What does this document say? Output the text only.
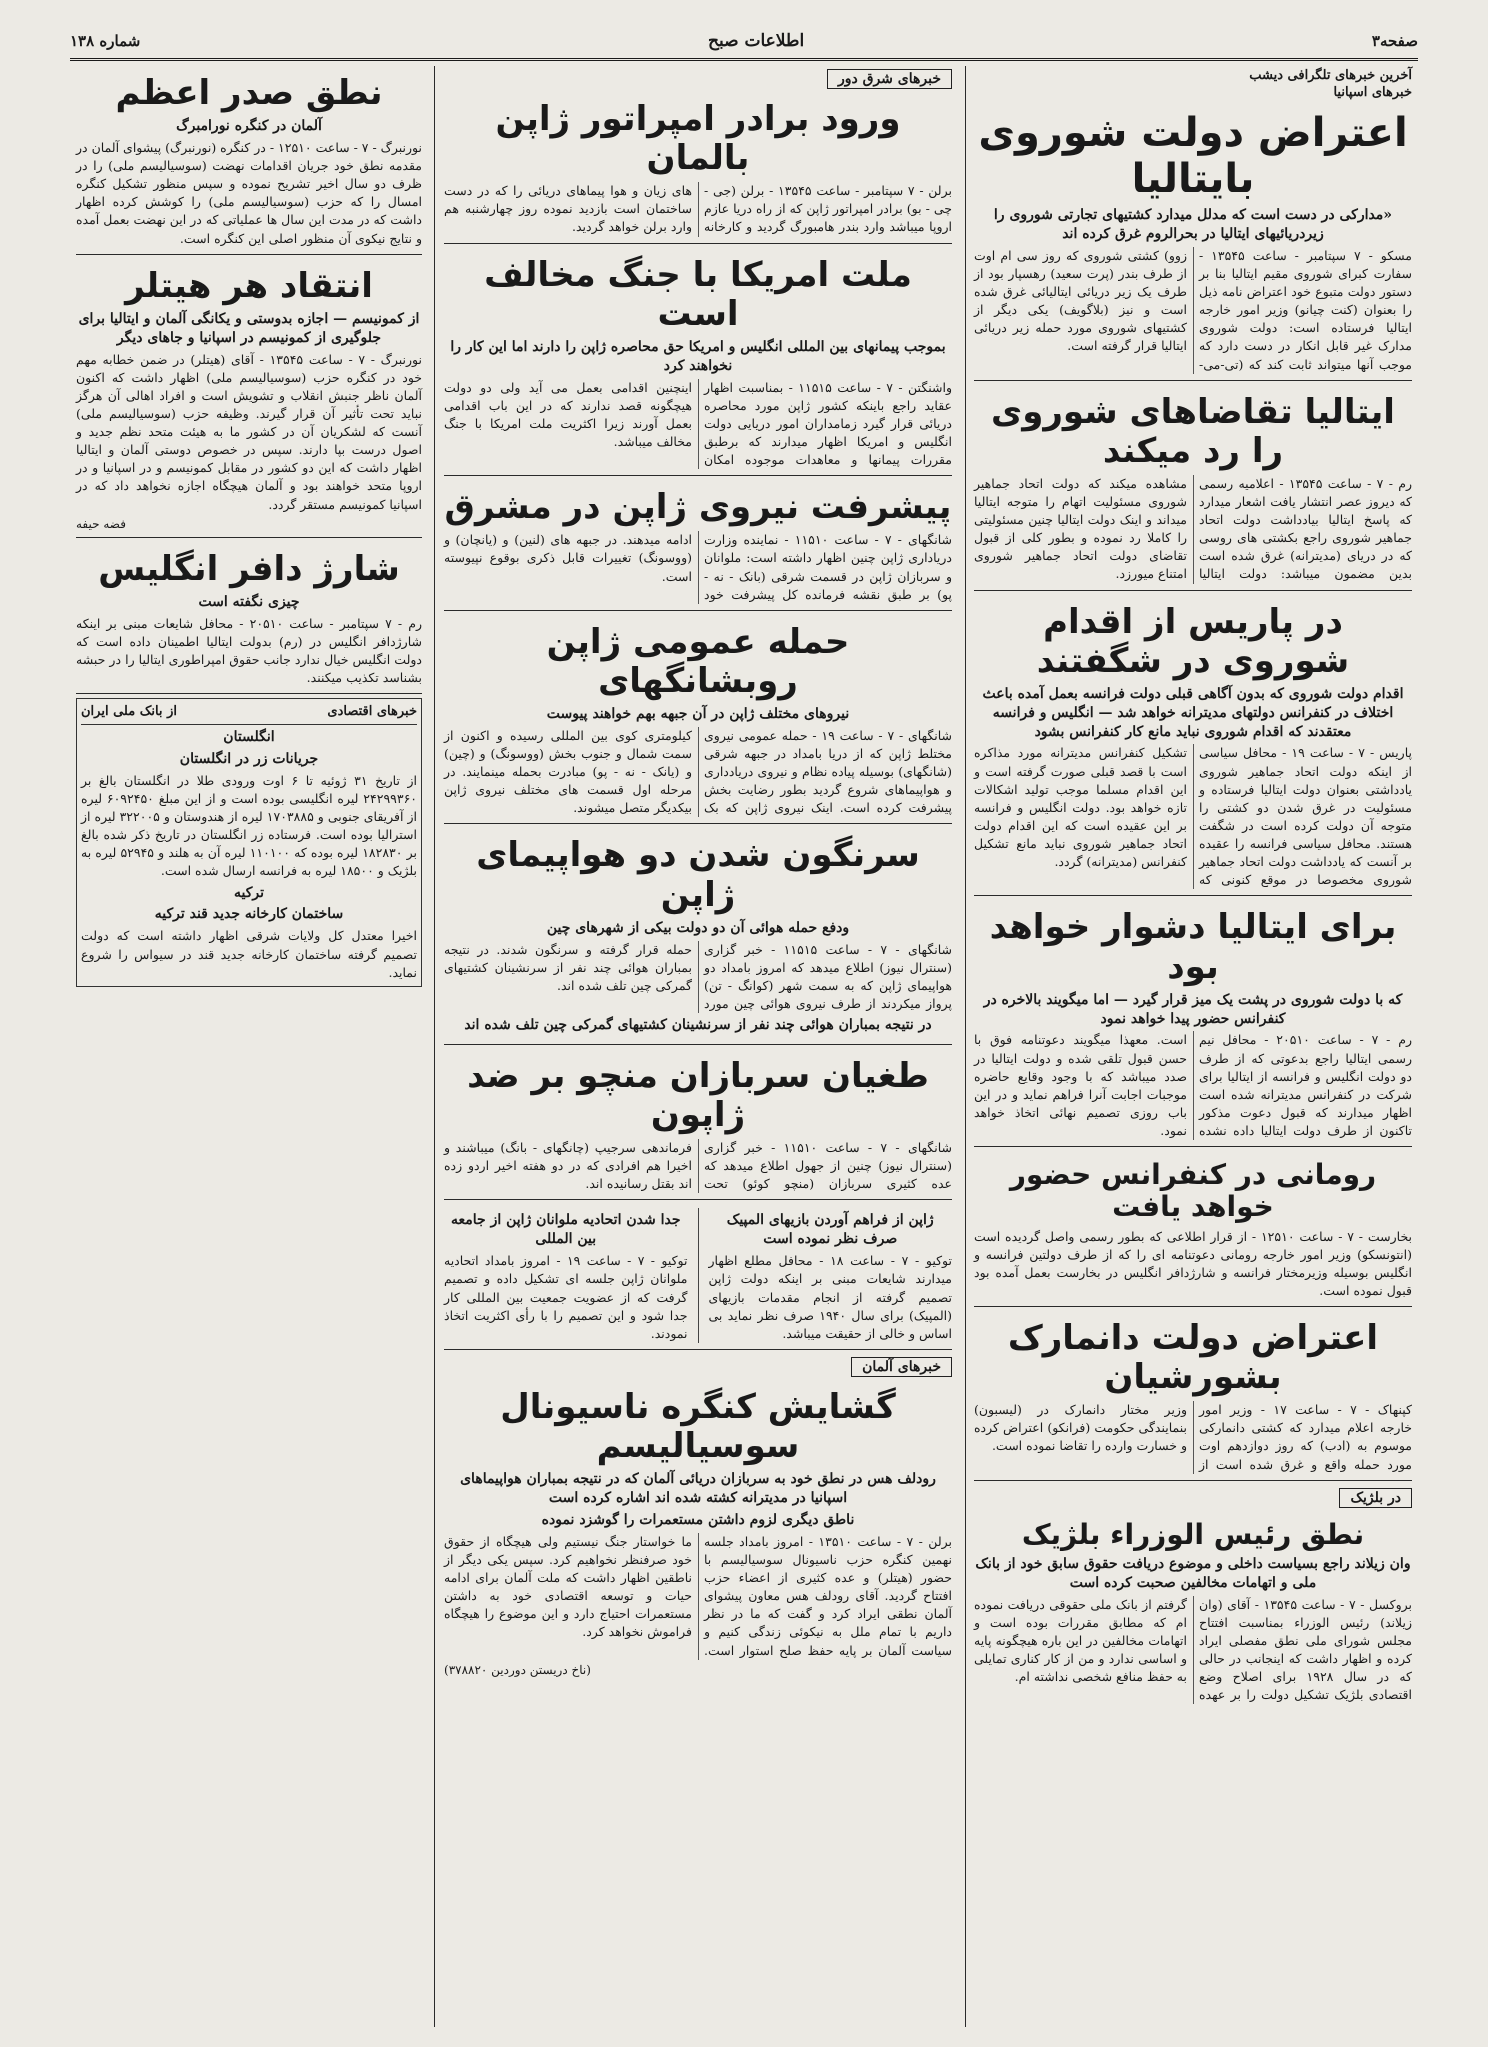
صفحه۳
اطلاعات صبح
شماره ۱۳۸
آخرین خبرهای تلگرافی دیشب
خبرهای اسپانیا
اعتراض دولت شوروی بایتالیا
«مدارکی در دست است که مدلل میدارد کشتیهای تجارتی شوروی را زیردریائیهای ایتالیا در بحرالروم غرق کرده اند
مسکو - ۷ سپتامبر - ساعت ۱۳۵۴۵ - سفارت کبرای شوروی مقیم ایتالیا بنا بر دستور دولت متبوع خود اعتراض نامه ذیل را بعنوان (کنت چیانو) وزیر امور خارجه ایتالیا فرستاده است: دولت شوروی مدارک غیر قابل انکار در دست دارد که موجب آنها میتواند ثابت کند که (تی-می-زوو) کشتی شوروی که روز سی ام اوت از طرف بندر (پرت سعید) رهسپار بود از طرف یک زیر دریائی ایتالیائی غرق شده است و نیز (بلاگویف) یکی دیگر از کشتیهای شوروی مورد حمله زیر دریائی ایتالیا قرار گرفته است.
ایتالیا تقاضاهای شوروی را رد میکند
رم - ۷ - ساعت ۱۳۵۴۵ - اعلامیه رسمی که دیروز عصر انتشار یافت اشعار میدارد که پاسخ ایتالیا بیادداشت دولت اتحاد جماهیر شوروی راجع بکشتی های روسی که در دریای (مدیترانه) غرق شده است بدین مضمون میباشد: دولت ایتالیا مشاهده میکند که دولت اتحاد جماهیر شوروی مسئولیت اتهام را متوجه ایتالیا میداند و اینک دولت ایتالیا چنین مسئولیتی را کاملا رد نموده و بطور کلی از قبول تقاضای دولت اتحاد جماهیر شوروی امتناع میورزد.
در پاریس از اقدام شوروی در شگفتند
اقدام دولت شوروی که بدون آگاهی قبلی دولت فرانسه بعمل آمده باعث اختلاف در کنفرانس دولتهای مدیترانه خواهد شد — انگلیس و فرانسه معتقدند که اقدام شوروی نباید مانع کار کنفرانس بشود
پاریس - ۷ - ساعت ۱۹ - محافل سیاسی از اینکه دولت اتحاد جماهیر شوروی یادداشتی بعنوان دولت ایتالیا فرستاده و مسئولیت در غرق شدن دو کشتی را متوجه آن دولت کرده است در شگفت هستند. محافل سیاسی فرانسه را عقیده بر آنست که یادداشت دولت اتحاد جماهیر شوروی مخصوصا در موقع کنونی که تشکیل کنفرانس مدیترانه مورد مذاکره است با قصد قبلی صورت گرفته است و این اقدام مسلما موجب تولید اشکالات تازه خواهد بود. دولت انگلیس و فرانسه بر این عقیده است که این اقدام دولت اتحاد جماهیر شوروی نباید مانع تشکیل کنفرانس (مدیترانه) گردد.
برای ایتالیا دشوار خواهد بود
که با دولت شوروی در پشت یک میز قرار گیرد — اما میگویند بالاخره در کنفرانس حضور پیدا خواهد نمود
رم - ۷ - ساعت ۲۰۵۱۰ - محافل نیم رسمی ایتالیا راجع بدعوتی که از طرف دو دولت انگلیس و فرانسه از ایتالیا برای شرکت در کنفرانس مدیترانه شده است اظهار میدارند که قبول دعوت مذکور تاکنون از طرف دولت ایتالیا داده نشده است. معهذا میگویند دعوتنامه فوق با حسن قبول تلقی شده و دولت ایتالیا در صدد میباشد که با وجود وقایع حاضره موجبات اجابت آنرا فراهم نماید و در این باب روزی تصمیم نهائی اتخاذ خواهد نمود.
رومانی در کنفرانس حضور خواهد یافت
بخارست - ۷ - ساعت ۱۲۵۱۰ - از قرار اطلاعی که بطور رسمی واصل گردیده است (انتونسکو) وزیر امور خارجه رومانی دعوتنامه ای را که از طرف دولتین فرانسه و انگلیس بوسیله وزیرمختار فرانسه و شارژدافر انگلیس در بخارست بعمل آمده بود قبول نموده است.
اعتراض دولت دانمارک بشورشیان
کپنهاک - ۷ - ساعت ۱۷ - وزیر امور خارجه اعلام میدارد که کشتی دانمارکی موسوم به (ادب) که روز دوازدهم اوت مورد حمله واقع و غرق شده است از وزیر مختار دانمارک در (لیسبون) بنمایندگی حکومت (فرانکو) اعتراض کرده و خسارت وارده را تقاضا نموده است.
در بلژیک
نطق رئیس الوزراء بلژیک
وان زیلاند راجع بسیاست داخلی و موضوع دریافت حقوق سابق خود از بانک ملی و اتهامات مخالفین صحبت کرده است
بروکسل - ۷ - ساعت ۱۳۵۴۵ - آقای (وان زیلاند) رئیس الوزراء بمناسبت افتتاح مجلس شورای ملی نطق مفصلی ایراد کرده و اظهار داشت که اینجانب در حالی که در سال ۱۹۲۸ برای اصلاح وضع اقتصادی بلژیک تشکیل دولت را بر عهده گرفتم از بانک ملی حقوقی دریافت نموده ام که مطابق مقررات بوده است و اتهامات مخالفین در این باره هیچگونه پایه و اساسی ندارد و من از کار کناری تمایلی به حفظ منافع شخصی نداشته ام.
خبرهای شرق دور
ورود برادر امپراتور ژاپن بالمان
برلن - ۷ سپتامبر - ساعت ۱۳۵۴۵ - برلن (جی - چی - بو) برادر امپراتور ژاپن که از راه دریا عازم اروپا میباشد وارد بندر هامبورگ گردید و کارخانه های زیان و هوا پیماهای دریائی را که در دست ساختمان است بازدید نموده روز چهارشنبه هم وارد برلن خواهد گردید.
ملت امریکا با جنگ مخالف است
بموجب پیمانهای بین المللی انگلیس و امریکا حق محاصره ژاپن را دارند اما این کار را نخواهند کرد
واشنگتن - ۷ - ساعت ۱۱۵۱۵ - بمناسبت اظهار عقاید راجع باینکه کشور ژاپن مورد محاصره دریائی قرار گیرد زمامداران امور دریایی دولت انگلیس و امریکا اظهار میدارند که برطبق مقررات پیمانها و معاهدات موجوده امکان اینچنین اقدامی بعمل می آید ولی دو دولت هیچگونه قصد ندارند که در این باب اقدامی بعمل آورند زیرا اکثریت ملت امریکا با جنگ مخالف میباشد.
پیشرفت نیروی ژاپن در مشرق
شانگهای - ۷ - ساعت ۱۱۵۱۰ - نماینده وزارت دریاداری ژاپن چنین اظهار داشته است: ملوانان و سربازان ژاپن در قسمت شرقی (بانک - نه - پو) بر طبق نقشه فرمانده کل پیشرفت خود ادامه میدهند. در جبهه های (لنین) و (یانچان) و (ووسونگ) تغییرات قابل ذکری بوقوع نپیوسته است.
حمله عمومی ژاپن روبشانگهای
نیروهای مختلف ژاپن در آن جبهه بهم خواهند پیوست
شانگهای - ۷ - ساعت ۱۹ - حمله عمومی نیروی مختلط ژاپن که از دریا بامداد در جبهه شرقی (شانگهای) بوسیله پیاده نظام و نیروی دریادداری و هواپیماهای شروع گردید بطور رضایت بخش پیشرفت کرده است. اینک نیروی ژاپن که بک کیلومتری کوی بین المللی رسیده و اکنون از سمت شمال و جنوب بخش (ووسونگ) و (چین) و (یانک - نه - پو) مبادرت بحمله مینمایند. در مرحله اول قسمت های مختلف نیروی ژاپن بیکدیگر متصل میشوند.
سرنگون شدن دو هواپیمای ژاپن
ودفع حمله هوائی آن دو دولت بیکی از شهرهای چین
شانگهای - ۷ - ساعت ۱۱۵۱۵ - خبر گزاری (سنترال نیوز) اطلاع میدهد که امروز بامداد دو هواپیمای ژاپن که به سمت شهر (کوانگ - تن) پرواز میکردند از طرف نیروی هوائی چین مورد حمله قرار گرفته و سرنگون شدند. در نتیجه بمباران هوائی چند نفر از سرنشینان کشتیهای گمرکی چین تلف شده اند.
در نتیجه بمباران هوائی چند نفر از سرنشینان کشتیهای گمرکی چین تلف شده اند
طغیان سربازان منچو بر ضد ژاپون
شانگهای - ۷ - ساعت ۱۱۵۱۰ - خبر گزاری (سنترال نیوز) چنین از جهول اطلاع میدهد که عده کثیری سربازان (منچو کوئو) تحت فرماندهی سرجیپ (چانگهای - بانگ) میباشند و اخیرا هم افرادی که در دو هفته اخیر اردو زده اند بقتل رسانیده اند.
ژاپن از فراهم آوردن بازیهای المپیک صرف نظر نموده است
توکیو - ۷ - ساعت ۱۸ - محافل مطلع اظهار میدارند شایعات مبنی بر اینکه دولت ژاپن تصمیم گرفته از انجام مقدمات بازیهای (المپیک) برای سال ۱۹۴۰ صرف نظر نماید بی اساس و خالی از حقیقت میباشد.
جدا شدن اتحادیه ملوانان ژاپن از جامعه بین المللی
توکیو - ۷ - ساعت ۱۹ - امروز بامداد اتحادیه ملوانان ژاپن جلسه ای تشکیل داده و تصمیم گرفت که از عضویت جمعیت بین المللی کار جدا شود و این تصمیم را با رأی اکثریت اتخاذ نمودند.
خبرهای آلمان
گشایش کنگره ناسیونال سوسیالیسم
رودلف هس در نطق خود به سربازان دریائی آلمان که در نتیجه بمباران هواپیماهای اسپانیا در مدیترانه کشته شده اند اشاره کرده است
ناطق دیگری لزوم داشتن مستعمرات را گوشزد نموده
برلن - ۷ - ساعت ۱۳۵۱۰ - امروز بامداد جلسه نهمین کنگره حزب ناسیونال سوسیالیسم با حضور (هیتلر) و عده کثیری از اعضاء حزب افتتاح گردید. آقای رودلف هس معاون پیشوای آلمان نطقی ایراد کرد و گفت که ما در نظر داریم با تمام ملل به نیکوئی زندگی کنیم و سیاست آلمان بر پایه حفظ صلح استوار است. ما خواستار جنگ نیستیم ولی هیچگاه از حقوق خود صرفنظر نخواهیم کرد. سپس یکی دیگر از ناطقین اظهار داشت که ملت آلمان برای ادامه حیات و توسعه اقتصادی خود به داشتن مستعمرات احتیاج دارد و این موضوع را هیچگاه فراموش نخواهد کرد.
(ناخ دریستن دوردین ۳۷۸۸۲۰)
نطق صدر اعظم
آلمان در کنگره نورامبرگ
نورنبرگ - ۷ - ساعت ۱۲۵۱۰ - در کنگره (نورنبرگ) پیشوای آلمان در مقدمه نطق خود جریان اقدامات نهضت (سوسیالیسم ملی) را در ظرف دو سال اخیر تشریح نموده و سپس منظور تشکیل کنگره امسال را که حزب (سوسیالیسم ملی) را کوشش کرده اظهار داشت که در مدت این سال ها عملیاتی که در این نهضت بعمل آمده و نتایج نیکوی آن منظور اصلی این کنگره است.
انتقاد هر هیتلر
از کمونیسم — اجازه بدوستی و یکانگی آلمان و ایتالیا برای جلوگیری از کمونیسم در اسپانیا و جاهای دیگر
نورنبرگ - ۷ - ساعت ۱۳۵۴۵ - آقای (هیتلر) در ضمن خطابه مهم خود در کنگره حزب (سوسیالیسم ملی) اظهار داشت که اکنون آلمان ناظر جنبش انقلاب و تشویش است و افراد اهالی آن هرگز نباید تحت تأثیر آن قرار گیرند. وظیفه حزب (سوسیالیسم ملی) آنست که لشکریان آن در کشور ما به هیئت متحد نظم جدید و اصول درست بپا دارند. سپس در خصوص دوستی آلمان و ایتالیا اظهار داشت که این دو کشور در مقابل کمونیسم و در اسپانیا و در اروپا متحد خواهند بود و آلمان هیچگاه اجازه نخواهد داد که در اسپانیا کمونیسم مستقر گردد.
فضه حیفه
شارژ دافر انگلیس
چیزی نگفته است
رم - ۷ سپتامبر - ساعت ۲۰۵۱۰ - محافل شایعات مبنی بر اینکه شارژدافر انگلیس در (رم) بدولت ایتالیا اطمینان داده است که دولت انگلیس خیال ندارد جانب حقوق امپراطوری ایتالیا را در حبشه بشناسد تکذیب میکنند.
خبرهای اقتصادی
از بانک ملی ایران
انگلستان
جریانات زر در انگلستان
از تاریخ ۳۱ ژوئیه تا ۶ اوت ورودی طلا در انگلستان بالغ بر ۲۴۲۹۹۳۶۰ لیره انگلیسی بوده است و از این مبلغ ۶۰۹۲۴۵۰ لیره از آفریقای جنوبی و ۱۷۰۳۸۸۵ لیره از هندوستان و ۳۲۲۰۰۵ لیره از استرالیا بوده است. فرستاده زر انگلستان در تاریخ ذکر شده بالغ بر ۱۸۲۸۳۰ لیره بوده که ۱۱۰۱۰۰ لیره آن به هلند و ۵۲۹۴۵ لیره به بلژیک و ۱۸۵۰۰ لیره به فرانسه ارسال شده است.
ترکیه
ساختمان کارخانه جدید قند ترکیه
اخیرا معتدل کل ولایات شرقی اظهار داشته است که دولت تصمیم گرفته ساختمان کارخانه جدید قند در سیواس را شروع نماید.
